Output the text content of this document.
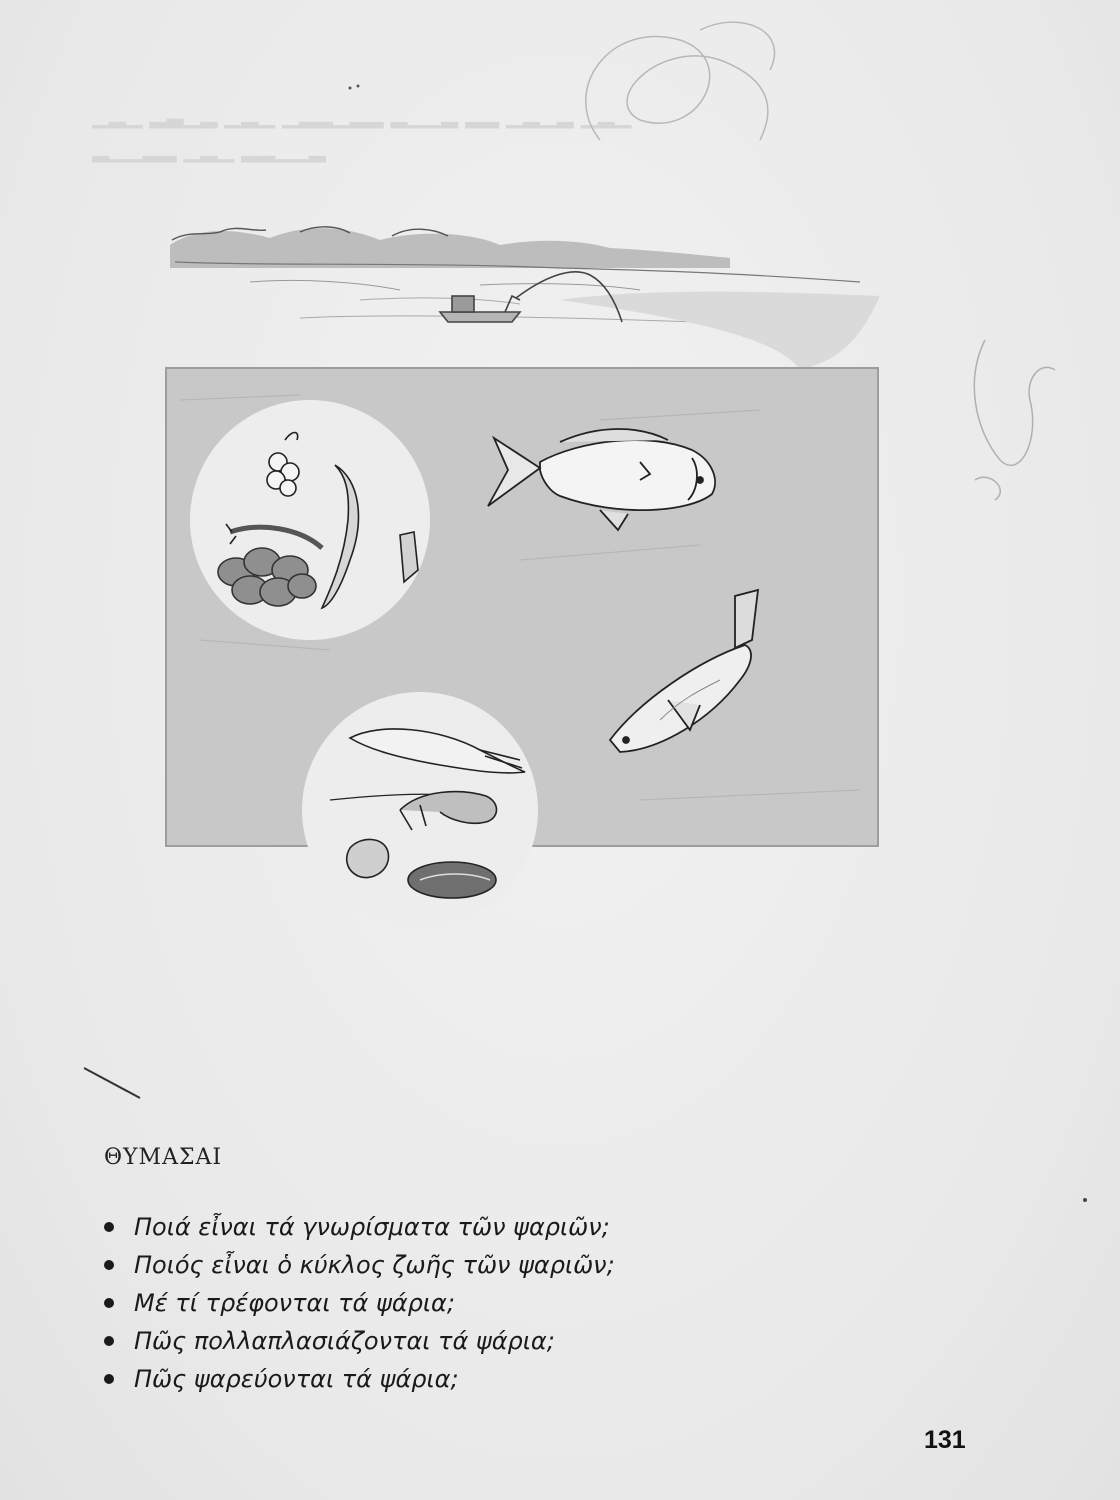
▁▂▁ ▂▃▁▂ ▁▂▁ ▁▂▂▁▂▂ ▂▁▁▂ ▂▂ ▁▂▁▂ ▁▂▁
▂▁▁▂▂ ▁▂▁ ▂▂▁▁▂

ΘΥΜΑΣΑΙ
Ποιά εἶναι τά γνωρίσματα τῶν ψαριῶν;
Ποιός εἶναι ὁ κύκλος ζωῆς τῶν ψαριῶν;
Μέ τί τρέφονται τά ψάρια;
Πῶς πολλαπλασιάζονται τά ψάρια;
Πῶς ψαρεύονται τά ψάρια;
131
